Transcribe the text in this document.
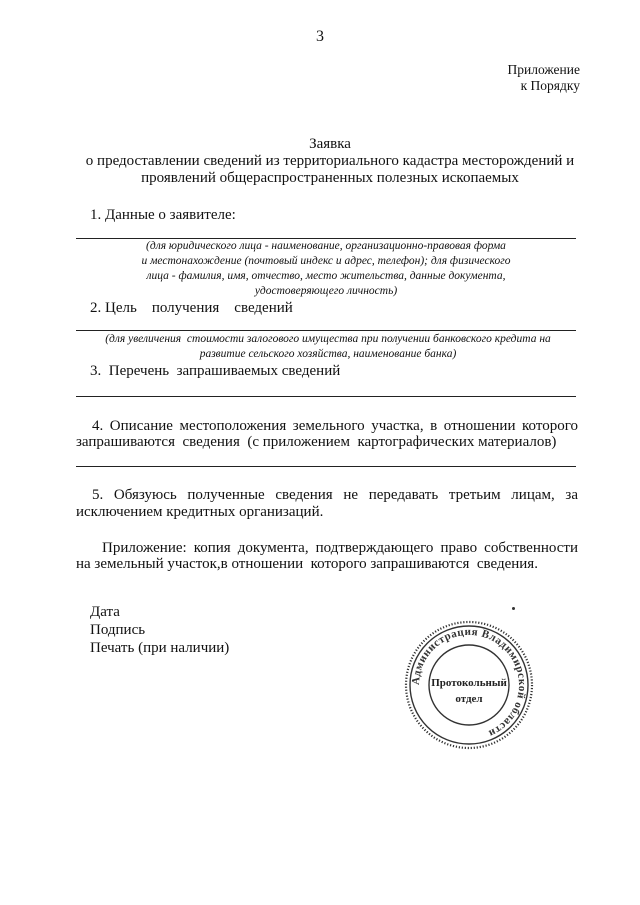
3
Приложение
к Порядку
Заявка
о предоставлении сведений из территориального кадастра месторождений и
проявлений общераспространенных полезных ископаемых
1. Данные о заявителе:
(для юридического лица - наименование, организационно-правовая форма
и местонахождение (почтовый индекс и адрес, телефон); для физического
лица - фамилия, имя, отчество, место жительства, данные документа,
удостоверяющего личность)
2. Цель    получения    сведений
(для увеличения  стоимости залогового имущества при получении банковского кредита на
развитие сельского хозяйства, наименование банка)
3.  Перечень  запрашиваемых сведений
4. Описание местоположения земельного участка, в отношении которого
запрашиваются  сведения  (с приложением  картографических материалов)
5. Обязуюсь полученные сведения не передавать третьим лицам, за
исключением кредитных организаций.
Приложение: копия документа, подтверждающего право собственности
на земельный участок,в отношении  которого запрашиваются  сведения.
Дата
Подпись
Печать (при наличии)
Администрация Владимирской области
Протокольный
отдел
